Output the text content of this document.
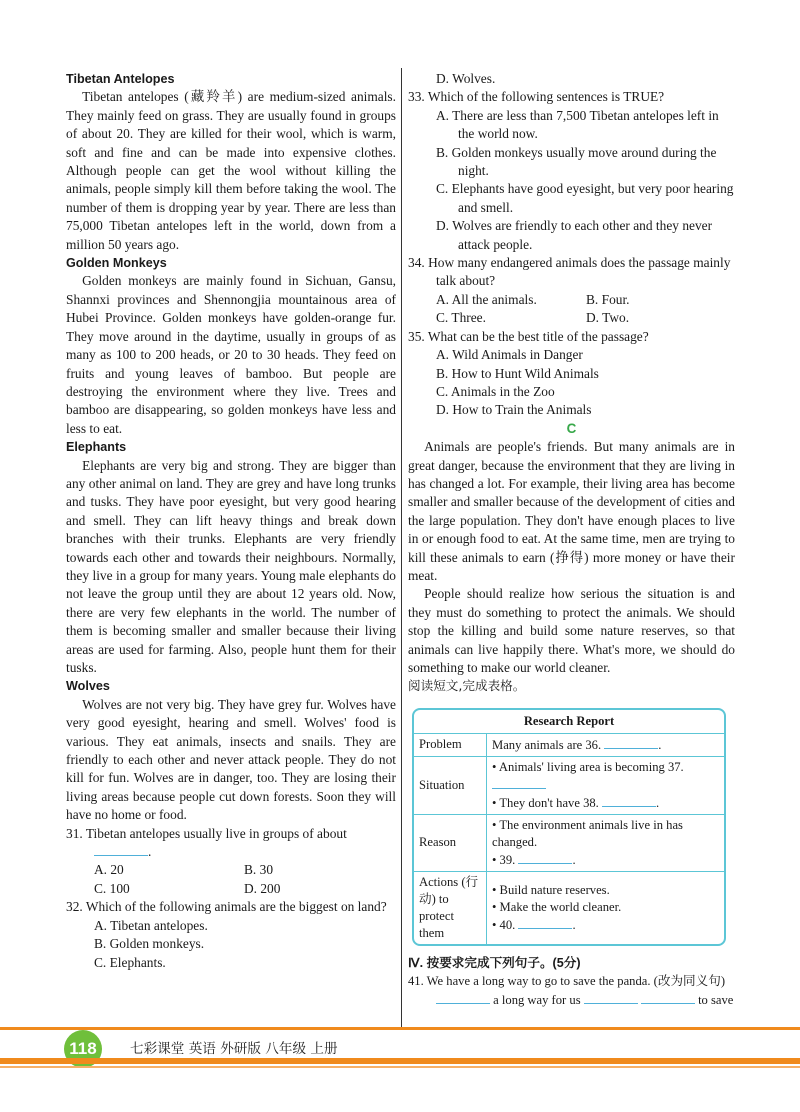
Tibetan Antelopes

Tibetan antelopes (藏羚羊) are medium-sized animals. They mainly feed on grass. They are usually found in groups of about 20. They are killed for their wool, which is warm, soft and fine and can be made into expensive clothes. Although people can get the wool without killing the animals, people simply kill them before taking the wool. The number of them is dropping year by year. There are less than 75,000 Tibetan antelopes left in the world, down from a million 50 years ago.

Golden Monkeys

Golden monkeys are mainly found in Sichuan, Gansu, Shannxi provinces and Shennongjia mountainous area of Hubei Province. Golden monkeys have golden-orange fur. They move around in the daytime, usually in groups of as many as 100 to 200 heads, or 20 to 30 heads. They feed on fruits and young leaves of bamboo. But people are destroying the environment where they live. Trees and bamboo are disappearing, so golden monkeys have less and less to eat.

Elephants

Elephants are very big and strong. They are bigger than any other animal on land. They are grey and have long trunks and tusks. They have poor eyesight, but very good hearing and smell. They can lift heavy things and break down branches with their trunks. Elephants are very friendly towards each other and towards their neighbours. Normally, they live in a group for many years. Young male elephants do not leave the group until they are about 12 years old. Now, there are very few elephants in the world. The number of them is becoming smaller and smaller because their living areas are used for farming. Also, people hunt them for their tusks.

Wolves

Wolves are not very big. They have grey fur. Wolves have very good eyesight, hearing and smell. Wolves' food is various. They eat animals, insects and snails. They are friendly to each other and never attack people. They do not kill for fun. Wolves are in danger, too. They are losing their living areas because people cut down forests. Soon they will have no home or food.

31. Tibetan antelopes usually live in groups of about .

A. 20	B. 30
C. 100	D. 200

32. Which of the following animals are the biggest on land?

A. Tibetan antelopes.

B. Golden monkeys.

C. Elephants.

D. Wolves.

33. Which of the following sentences is TRUE?

A. There are less than 7,500 Tibetan antelopes left in the world now.

B. Golden monkeys usually move around during the night.

C. Elephants have good eyesight, but very poor hearing and smell.

D. Wolves are friendly to each other and they never attack people.

34. How many endangered animals does the passage mainly talk about?

A. All the animals.	B. Four.
C. Three.	D. Two.

35. What can be the best title of the passage?

A. Wild Animals in Danger

B. How to Hunt Wild Animals

C. Animals in the Zoo

D. How to Train the Animals

C

Animals are people's friends. But many animals are in great danger, because the environment that they are living in has changed a lot. For example, their living area has become smaller and smaller because of the development of cities and the large population. They don't have enough places to live in or enough food to eat. At the same time, men are trying to kill these animals to earn (挣得) more money or have their meat.

People should realize how serious the situation is and they must do something to protect the animals. We should stop the killing and build some nature reserves, so that animals can live happily there. What's more, we should do something to make our world cleaner.

阅读短文,完成表格。
Research Report	
Problem	Many animals are 36. .
Situation	• Animals' living area is becoming 37.
• They don't have 38. .

Reason	• The environment animals live in has changed.
• 39. .

Actions (行动) to protect them	• Build nature reserves.
• Make the world cleaner.
• 40. .
Ⅳ. 按要求完成下列句子。(5分)

41. We have a long way to go to save the panda. (改为同义句)

a long way for us	to save
118	七彩课堂 英语 外研版 八年级 上册
